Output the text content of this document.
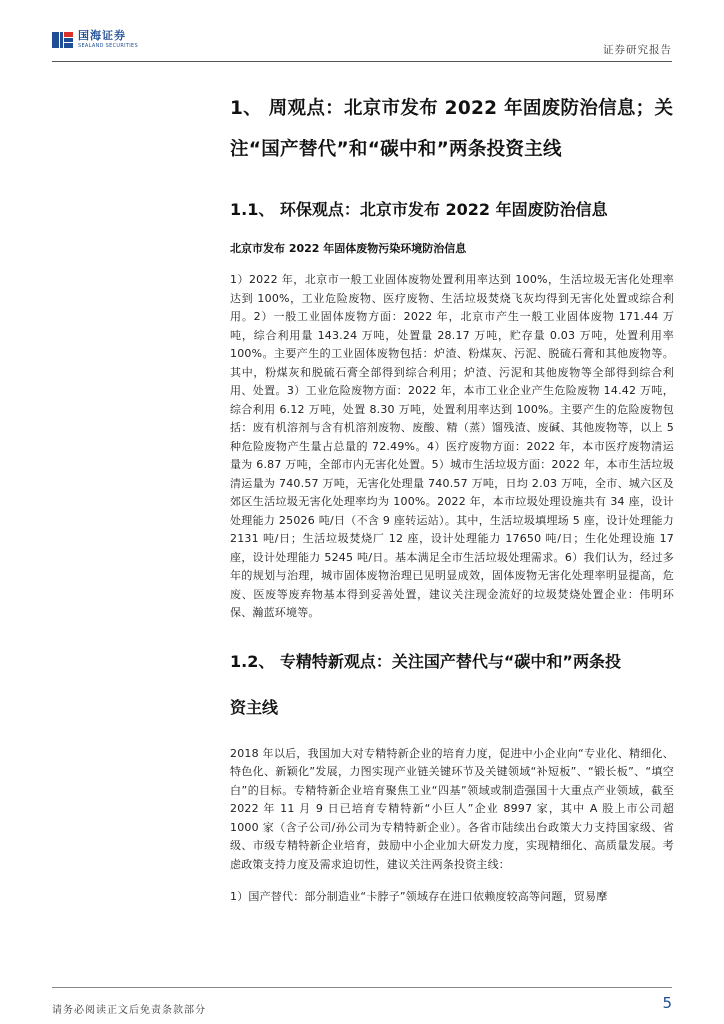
国海证券
SEALAND SECURITIES	证券研究报告
1、 周观点：北京市发布 2022 年固废防治信息；关
注“国产替代”和“碳中和”两条投资主线
1.1、 环保观点：北京市发布 2022 年固废防治信息
北京市发布 2022 年固体废物污染环境防治信息

1）2022 年，北京市一般工业固体废物处置利用率达到 100%，生活垃圾无害化处理率达到 100%，工业危险废物、医疗废物、生活垃圾焚烧飞灰均得到无害化处置或综合利用。2）一般工业固体废物方面：2022 年，北京市产生一般工业固体废物 171.44 万吨，综合利用量 143.24 万吨，处置量 28.17 万吨，贮存量 0.03 万吨，处置利用率 100%。主要产生的工业固体废物包括：炉渣、粉煤灰、污泥、脱硫石膏和其他废物等。其中，粉煤灰和脱硫石膏全部得到综合利用；炉渣、污泥和其他废物等全部得到综合利用、处置。3）工业危险废物方面：2022 年，本市工业企业产生危险废物 14.42 万吨，综合利用 6.12 万吨，处置 8.30 万吨，处置利用率达到 100%。主要产生的危险废物包括：废有机溶剂与含有机溶剂废物、废酸、精（蒸）馏残渣、废碱、其他废物等，以上 5 种危险废物产生量占总量的 72.49%。4）医疗废物方面：2022 年，本市医疗废物清运量为 6.87 万吨，全部市内无害化处置。5）城市生活垃圾方面：2022 年，本市生活垃圾清运量为 740.57 万吨，无害化处理量 740.57 万吨，日均 2.03 万吨，全市、城六区及郊区生活垃圾无害化处理率均为 100%。2022 年，本市垃圾处理设施共有 34 座，设计处理能力 25026 吨/日（不含 9 座转运站）。其中，生活垃圾填埋场 5 座，设计处理能力 2131 吨/日；生活垃圾焚烧厂 12 座，设计处理能力 17650 吨/日；生化处理设施 17 座，设计处理能力 5245 吨/日。基本满足全市生活垃圾处理需求。6）我们认为，经过多年的规划与治理，城市固体废物治理已见明显成效，固体废物无害化处理率明显提高，危废、医废等废弃物基本得到妥善处置，建议关注现金流好的垃圾焚烧处置企业：伟明环保、瀚蓝环境等。

1.2、 专精特新观点：关注国产替代与“碳中和”两条投
资主线

2018 年以后，我国加大对专精特新企业的培育力度，促进中小企业向“专业化、精细化、特色化、新颖化”发展，力图实现产业链关键环节及关键领域“补短板”、“锻长板”、“填空白”的目标。专精特新企业培育聚焦工业“四基”领域或制造强国十大重点产业领域，截至 2022 年 11 月 9 日已培育专精特新“小巨人”企业 8997 家，其中 A 股上市公司超 1000 家（含子公司/孙公司为专精特新企业）。各省市陆续出台政策大力支持国家级、省级、市级专精特新企业培育，鼓励中小企业加大研发力度，实现精细化、高质量发展。考虑政策支持力度及需求迫切性，建议关注两条投资主线：

1）国产替代：部分制造业“卡脖子”领域存在进口依赖度较高等问题，贸易摩

请务必阅读正文后免责条款部分	5
